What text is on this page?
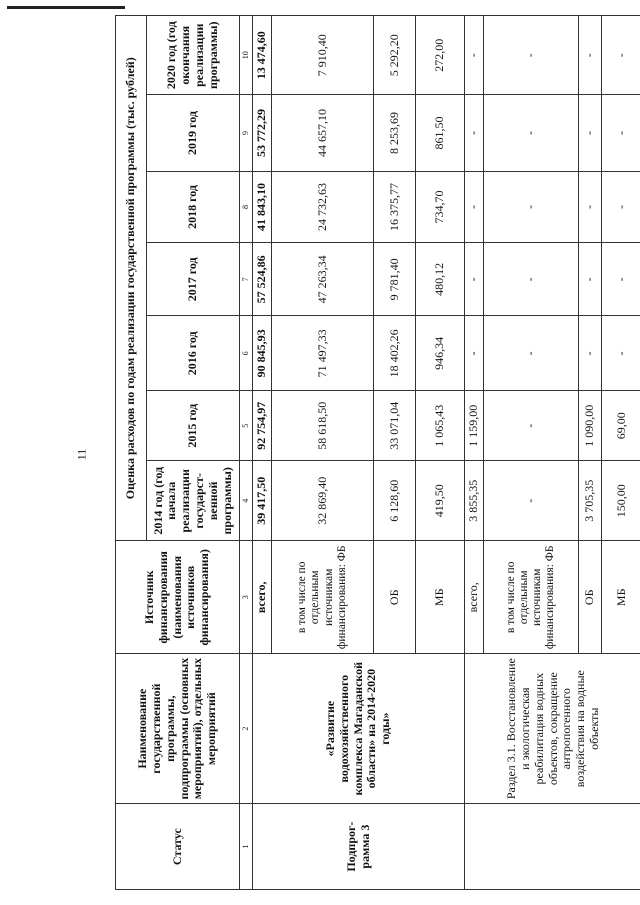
11
Статус	Наименование государственной программы, подпрограммы (основных мероприятий), отдельных мероприятий	Источник финансирования (наименования источников финансирования)	Оценка расходов по годам реализации государственной программы (тыс. рублей)						
			2014 год (год начала реализации государст-венной программы)	2015 год	2016 год	2017 год	2018 год	2019 год	2020 год (год окончания реализации программы)
1	2	3	4	5	6	7	8	9	10
Подпрог-рамма 3	«Развитие водохозяйственного комплекса Магаданской области» на 2014-2020 годы»	всего,	39 417,50	92 754,97	90 845,93	57 524,86	41 843,10	53 772,29	13 474,60
		в том числе по отдельным источникам финансирования: ФБ	32 869,40	58 618,50	71 497,33	47 263,34	24 732,63	44 657,10	7 910,40
		ОБ	6 128,60	33 071,04	18 402,26	9 781,40	16 375,77	8 253,69	5 292,20
		МБ	419,50	1 065,43	946,34	480,12	734,70	861,50	272,00
	Раздел 3.1. Восстановление и экологическая реабилитация водных объектов, сокращение антропогенного воздействия на водные объекты	всего,	3 855,35	1 159,00	-	-	-	-	-
		в том числе по отдельным источникам финансирования: ФБ	-	-	-	-	-	-	-
		ОБ	3 705,35	1 090,00	-	-	-	-	-
		МБ	150,00	69,00	-	-	-	-	-
